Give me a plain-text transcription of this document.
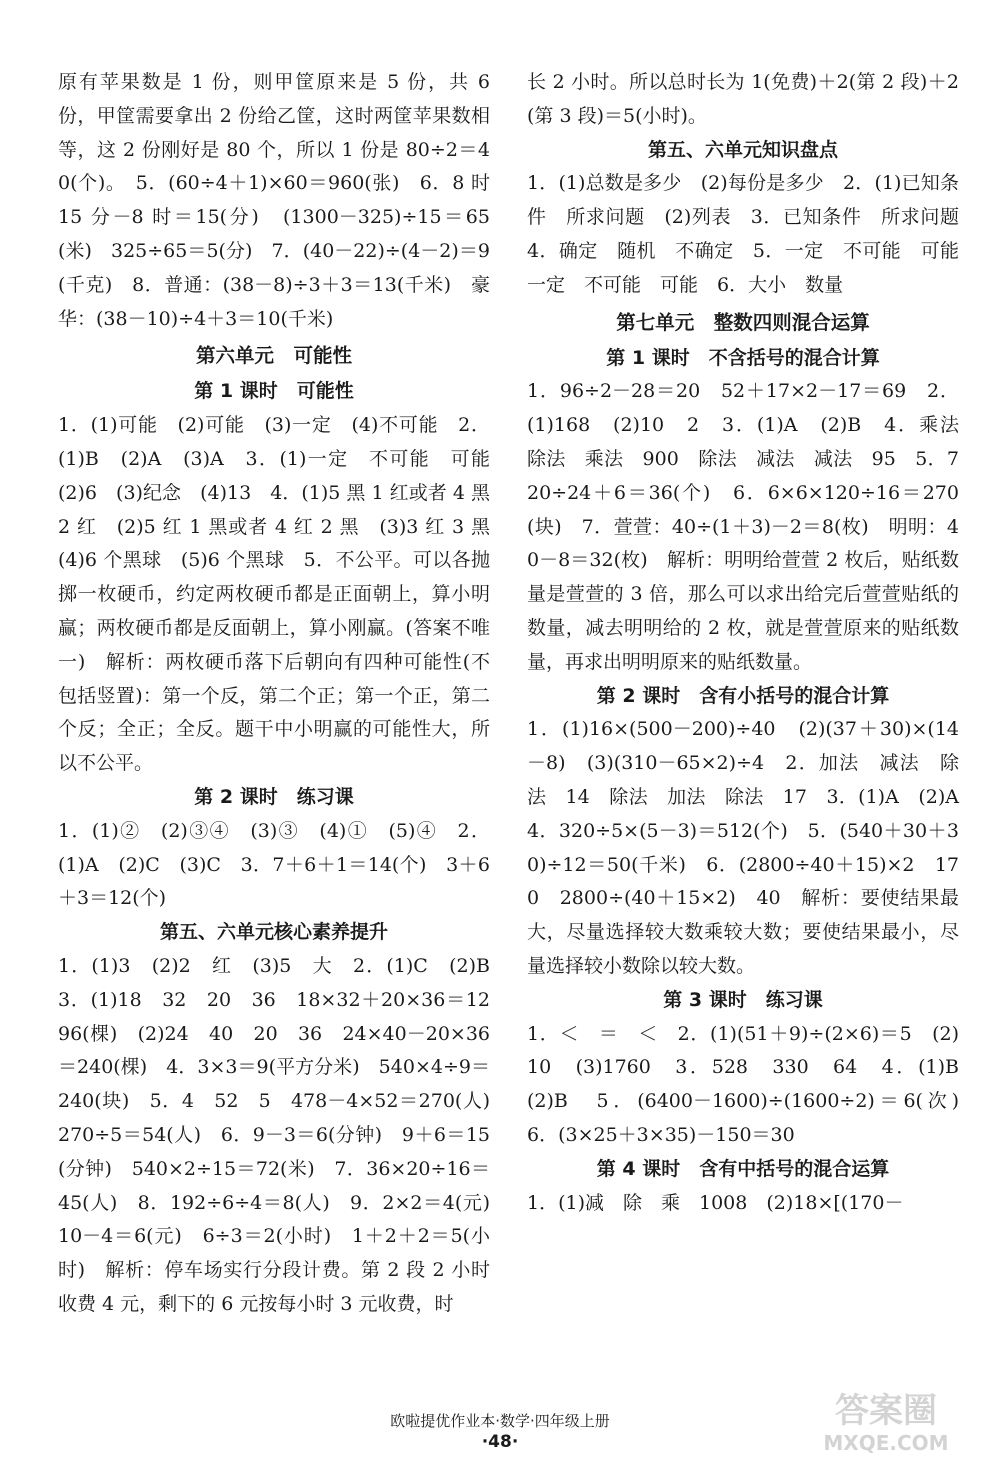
原有苹果数是 1 份，则甲筐原来是 5 份，共 6 份，甲筐需要拿出 2 份给乙筐，这时两筐苹果数相等，这 2 份刚好是 80 个，所以 1 份是 80÷2＝40(个)。　5．(60÷4＋1)×60＝960(张)　6．8 时 15 分－8 时＝15(分)　(1300－325)÷15＝65(米)　325÷65＝5(分)　7．(40－22)÷(4－2)＝9(千克)　8．普通：(38－8)÷3＋3＝13(千米)　豪华：(38－10)÷4＋3＝10(千米)
第六单元　可能性
第 1 课时　可能性
1．(1)可能　(2)可能　(3)一定　(4)不可能　2．(1)B　(2)A　(3)A　3．(1)一定　不可能　可能　(2)6　(3)纪念　(4)13　4．(1)5 黑 1 红或者 4 黑 2 红　(2)5 红 1 黑或者 4 红 2 黑　(3)3 红 3 黑　(4)6 个黑球　(5)6 个黑球　5．不公平。可以各抛掷一枚硬币，约定两枚硬币都是正面朝上，算小明赢；两枚硬币都是反面朝上，算小刚赢。(答案不唯一)　解析：两枚硬币落下后朝向有四种可能性(不包括竖置)：第一个反，第二个正；第一个正，第二个反；全正；全反。题干中小明赢的可能性大，所以不公平。
第 2 课时　练习课
1．(1)②　(2)③④　(3)③　(4)①　(5)④　2．(1)A　(2)C　(3)C　3．7＋6＋1＝14(个)　3＋6＋3＝12(个)
第五、六单元核心素养提升
1．(1)3　(2)2　红　(3)5　大　2．(1)C　(2)B　3．(1)18　32　20　36　18×32＋20×36＝1296(棵)　(2)24　40　20　36　24×40－20×36＝240(棵)　4．3×3＝9(平方分米)　540×4÷9＝240(块)　5．4　52　5　478－4×52＝270(人)　270÷5＝54(人)　6．9－3＝6(分钟)　9＋6＝15(分钟)　540×2÷15＝72(米)　7．36×20÷16＝45(人)　8．192÷6÷4＝8(人)　9．2×2＝4(元)　10－4＝6(元)　6÷3＝2(小时)　1＋2＋2＝5(小时)　解析：停车场实行分段计费。第 2 段 2 小时收费 4 元，剩下的 6 元按每小时 3 元收费，时
长 2 小时。所以总时长为 1(免费)＋2(第 2 段)＋2(第 3 段)＝5(小时)。
第五、六单元知识盘点
1．(1)总数是多少　(2)每份是多少　2．(1)已知条件　所求问题　(2)列表　3．已知条件　所求问题　4．确定　随机　不确定　5．一定　不可能　可能　一定　不可能　可能　6．大小　数量
第七单元　整数四则混合运算
第 1 课时　不含括号的混合计算
1．96÷2－28＝20　52＋17×2－17＝69　2．(1)168　(2)10　2　3．(1)A　(2)B　4．乘法　除法　乘法　900　除法　减法　减法　95　5．720÷24＋6＝36(个)　6．6×6×120÷16＝270(块)　7．萱萱：40÷(1＋3)－2＝8(枚)　明明：40－8＝32(枚)　解析：明明给萱萱 2 枚后，贴纸数量是萱萱的 3 倍，那么可以求出给完后萱萱贴纸的数量，减去明明给的 2 枚，就是萱萱原来的贴纸数量，再求出明明原来的贴纸数量。
第 2 课时　含有小括号的混合计算
1．(1)16×(500－200)÷40　(2)(37＋30)×(14－8)　(3)(310－65×2)÷4　2．加法　减法　除法　14　除法　加法　除法　17　3．(1)A　(2)A　4．320÷5×(5－3)＝512(个)　5．(540＋30＋30)÷12＝50(千米)　6．(2800÷40＋15)×2　170　2800÷(40＋15×2)　40　解析：要使结果最大，尽量选择较大数乘较大数；要使结果最小，尽量选择较小数除以较大数。
第 3 课时　练习课
1．＜　＝　＜　2．(1)(51＋9)÷(2×6)＝5　(2)10　(3)1760　3．528　330　64　4．(1)B　(2)B　5．(6400－1600)÷(1600÷2)＝6(次)　6．(3×25＋3×35)－150＝30
第 4 课时　含有中括号的混合运算
1．(1)减　除　乘　1008　(2)18×[(170－
欧啦提优作业本·数学·四年级上册
·48·
答案圈
MXQE.COM
